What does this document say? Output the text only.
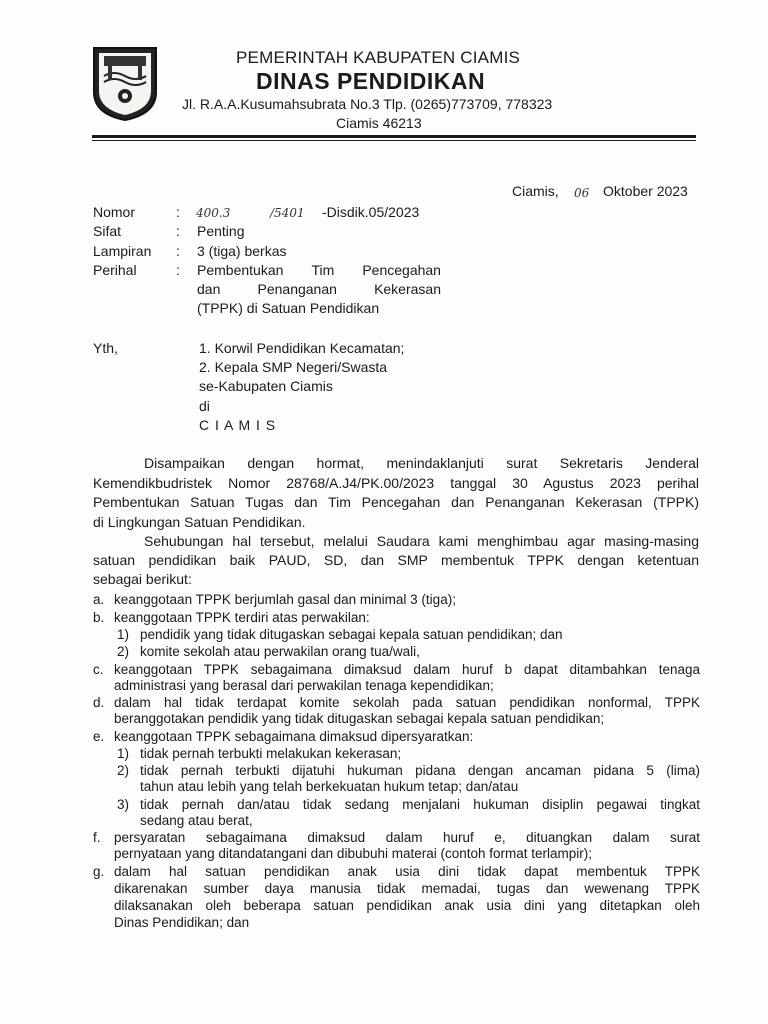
PEMERINTAH KABUPATEN CIAMIS
DINAS PENDIDIKAN
Jl. R.A.A.Kusumahsubrata No.3 Tlp. (0265)773709, 778323
Ciamis 46213
Ciamis, 06 Oktober 2023
Nomor	: 400.3	/5401 -Disdik.05/2023
Sifat	: Penting
Lampiran : 3 (tiga) berkas
Perihal	: Pembentukan Tim Pencegahan
dan	Penanganan	Kekerasan
(TPPK) di Satuan Pendidikan
Yth,	1. Korwil Pendidikan Kecamatan;
2. Kepala SMP Negeri/Swasta
se-Kabupaten Ciamis
di
C I A M I S
Disampaikan dengan hormat, menindaklanjuti surat Sekretaris Jenderal
Kemendikbudristek Nomor 28768/A.J4/PK.00/2023 tanggal 30 Agustus 2023 perihal
Pembentukan Satuan Tugas dan Tim Pencegahan dan Penanganan Kekerasan (TPPK)
di Lingkungan Satuan Pendidikan.
Sehubungan hal tersebut, melalui Saudara kami menghimbau agar masing-masing
satuan pendidikan baik PAUD, SD, dan SMP membentuk TPPK dengan ketentuan
sebagai berikut:
a. keanggotaan TPPK berjumlah gasal dan minimal 3 (tiga);
b. keanggotaan TPPK terdiri atas perwakilan:
1) pendidik yang tidak ditugaskan sebagai kepala satuan pendidikan; dan
2) komite sekolah atau perwakilan orang tua/wali,
c. keanggotaan TPPK sebagaimana dimaksud dalam huruf b dapat ditambahkan tenaga
administrasi yang berasal dari perwakilan tenaga kependidikan;
d. dalam hal tidak terdapat komite sekolah pada satuan pendidikan nonformal, TPPK
beranggotakan pendidik yang tidak ditugaskan sebagai kepala satuan pendidikan;
e. keanggotaan TPPK sebagaimana dimaksud dipersyaratkan:
1) tidak pernah terbukti melakukan kekerasan;
2) tidak pernah terbukti dijatuhi hukuman pidana dengan ancaman pidana 5 (lima)
tahun atau lebih yang telah berkekuatan hukum tetap; dan/atau
3) tidak pernah dan/atau tidak sedang menjalani hukuman disiplin pegawai tingkat
sedang atau berat,
f. persyaratan sebagaimana dimaksud dalam huruf e, dituangkan dalam surat
pernyataan yang ditandatangani dan dibubuhi materai (contoh format terlampir);
g. dalam hal satuan pendidikan anak usia dini tidak dapat membentuk TPPK
dikarenakan sumber daya manusia tidak memadai, tugas dan wewenang TPPK
dilaksanakan oleh beberapa satuan pendidikan anak usia dini yang ditetapkan oleh
Dinas Pendidikan; dan
